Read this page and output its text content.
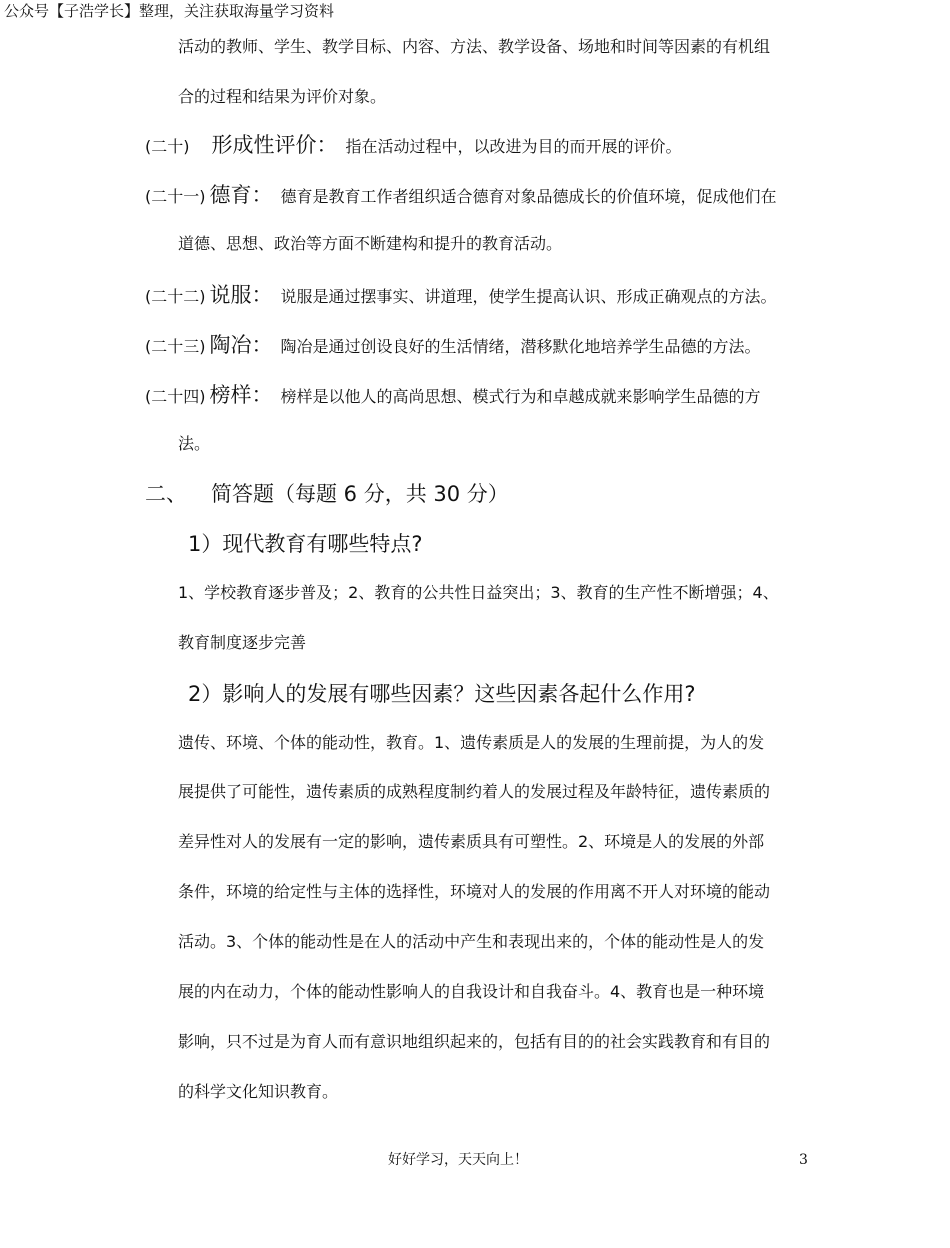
公众号【子浩学长】整理，关注获取海量学习资料
活动的教师、学生、教学目标、内容、方法、教学设备、场地和时间等因素的有机组
合的过程和结果为评价对象。
(二十) 形成性评价 ： 指在活动过程中，以改进为目的而开展的评价。
(二十一) 德育 ： 德育是教育工作者组织适合德育对象品德成长的价值环境，促成他们在
道德、思想、政治等方面不断建构和提升的教育活动。
(二十二) 说服 ： 说服是通过摆事实、讲道理，使学生提高认识、形成正确观点的方法。
(二十三) 陶冶 ： 陶冶是通过创设良好的生活情绪，潜移默化地培养学生品德的方法。
(二十四) 榜样 ： 榜样是以他人的高尚思想、模式行为和卓越成就来影响学生品德的方
法。
二、	简答题（每题 6 分，共 30 分）
1）现代教育有哪些特点?
1、学校教育逐步普及；2、教育的公共性日益突出；3、教育的生产性不断增强；4、
教育制度逐步完善
2）影响人的发展有哪些因素？这些因素各起什么作用?
遗传、环境、个体的能动性，教育。1、遗传素质是人的发展的生理前提，为人的发
展提供了可能性，遗传素质的成熟程度制约着人的发展过程及年龄特征，遗传素质的
差异性对人的发展有一定的影响，遗传素质具有可塑性。2、环境是人的发展的外部
条件，环境的给定性与主体的选择性，环境对人的发展的作用离不开人对环境的能动
活动。3、个体的能动性是在人的活动中产生和表现出来的，个体的能动性是人的发
展的内在动力，个体的能动性影响人的自我设计和自我奋斗。4、教育也是一种环境
影响，只不过是为育人而有意识地组织起来的，包括有目的的社会实践教育和有目的
的科学文化知识教育。
好好学习，天天向上！	3
